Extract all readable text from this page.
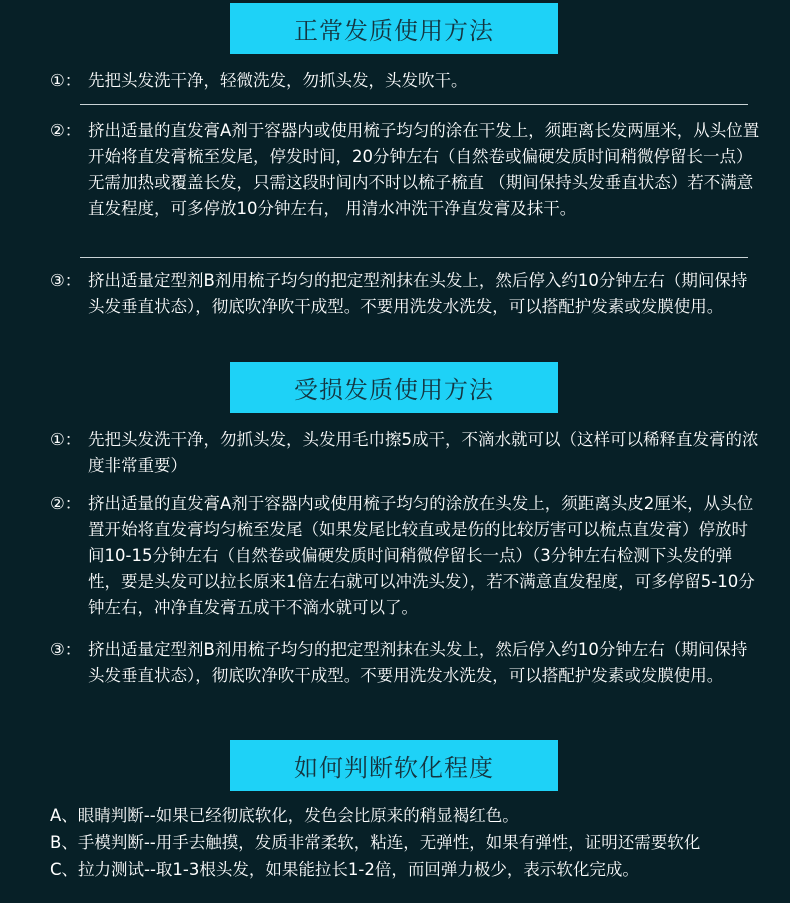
正常发质使用方法
①： 先把头发洗干净，轻微洗发，勿抓头发，头发吹干。
②： 挤出适量的直发膏A剂于容器内或使用梳子均匀的涂在干发上，须距离长发两厘米，从头位置开始将直发膏梳至发尾，停发时间，20分钟左右（自然卷或偏硬发质时间稍微停留长一点）无需加热或覆盖长发，只需这段时间内不时以梳子梳直 （期间保持头发垂直状态）若不满意直发程度，可多停放10分钟左右， 用清水冲洗干净直发膏及抹干。
③： 挤出适量定型剂B剂用梳子均匀的把定型剂抹在头发上，然后停入约10分钟左右（期间保持头发垂直状态），彻底吹净吹干成型。不要用洗发水洗发，可以搭配护发素或发膜使用。
受损发质使用方法
①： 先把头发洗干净，勿抓头发，头发用毛巾擦5成干，不滴水就可以（这样可以稀释直发膏的浓度非常重要）
②： 挤出适量的直发膏A剂于容器内或使用梳子均匀的涂放在头发上，须距离头皮2厘米，从头位置开始将直发膏均匀梳至发尾（如果发尾比较直或是伤的比较厉害可以梳点直发膏）停放时间10-15分钟左右（自然卷或偏硬发质时间稍微停留长一点）（3分钟左右检测下头发的弹性，要是头发可以拉长原来1倍左右就可以冲洗头发），若不满意直发程度，可多停留5-10分钟左右，冲净直发膏五成干不滴水就可以了。
③： 挤出适量定型剂B剂用梳子均匀的把定型剂抹在头发上，然后停入约10分钟左右（期间保持头发垂直状态），彻底吹净吹干成型。不要用洗发水洗发，可以搭配护发素或发膜使用。
如何判断软化程度
A、眼睛判断--如果已经彻底软化，发色会比原来的稍显褐红色。
B、手模判断--用手去触摸，发质非常柔软，粘连，无弹性，如果有弹性，证明还需要软化
C、拉力测试--取1-3根头发，如果能拉长1-2倍，而回弹力极少，表示软化完成。
